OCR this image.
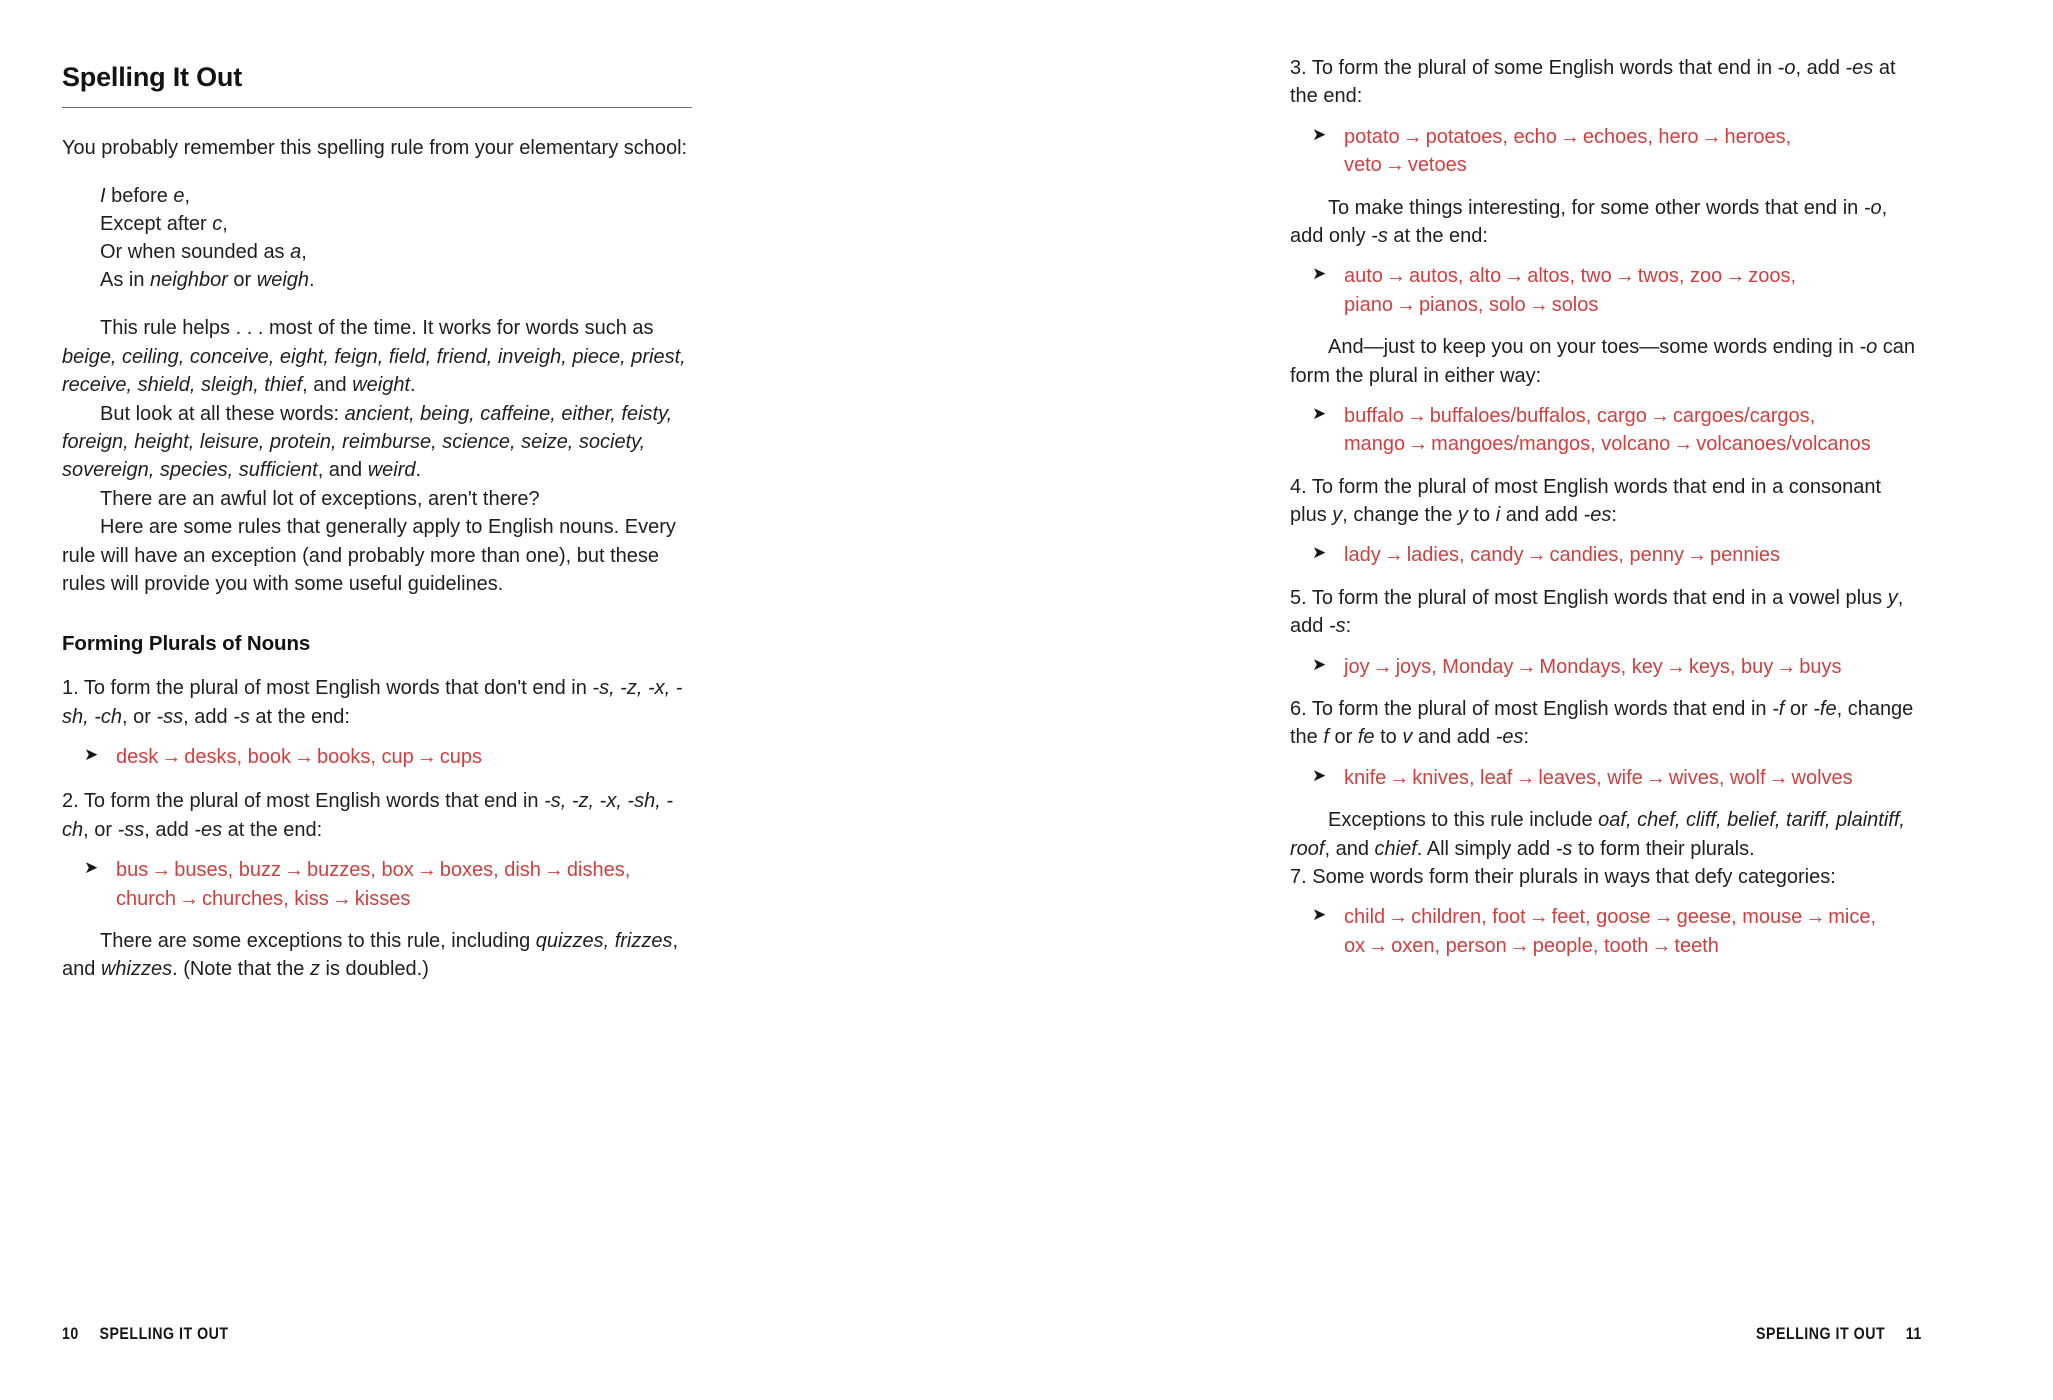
Spelling It Out

You probably remember this spelling rule from your elementary school:

I before e,
Except after c,
Or when sounded as a,
As in neighbor or weigh.

This rule helps . . . most of the time. It works for words such as beige, ceiling, conceive, eight, feign, field, friend, inveigh, piece, priest, receive, shield, sleigh, thief, and weight.

But look at all these words: ancient, being, caffeine, either, feisty, foreign, height, leisure, protein, reimburse, science, seize, society, sovereign, species, sufficient, and weird.

There are an awful lot of exceptions, aren't there?

Here are some rules that generally apply to English nouns. Every rule will have an exception (and probably more than one), but these rules will provide you with some useful guidelines.

Forming Plurals of Nouns

1. To form the plural of most English words that don't end in -s, -z, -x, -sh, -ch, or -ss, add -s at the end:

➤ desk → desks, book → books, cup → cups

2. To form the plural of most English words that end in -s, -z, -x, -sh, -ch, or -ss, add -es at the end:

➤ bus → buses, buzz → buzzes, box → boxes, dish → dishes,
church → churches, kiss → kisses

There are some exceptions to this rule, including quizzes, frizzes, and whizzes. (Note that the z is doubled.)

10 SPELLING IT OUT

3. To form the plural of some English words that end in -o, add -es at the end:

➤ potato → potatoes, echo → echoes, hero → heroes,
veto → vetoes

To make things interesting, for some other words that end in -o, add only -s at the end:

➤ auto → autos, alto → altos, two → twos, zoo → zoos,
piano → pianos, solo → solos

And—just to keep you on your toes—some words ending in -o can form the plural in either way:

➤ buffalo → buffaloes/buffalos, cargo → cargoes/cargos,
mango → mangoes/mangos, volcano → volcanoes/volcanos

4. To form the plural of most English words that end in a consonant plus y, change the y to i and add -es:

➤ lady → ladies, candy → candies, penny → pennies

5. To form the plural of most English words that end in a vowel plus y, add -s:

➤ joy → joys, Monday → Mondays, key → keys, buy → buys

6. To form the plural of most English words that end in -f or -fe, change the f or fe to v and add -es:

➤ knife → knives, leaf → leaves, wife → wives, wolf → wolves

Exceptions to this rule include oaf, chef, cliff, belief, tariff, plaintiff, roof, and chief. All simply add -s to form their plurals.

7. Some words form their plurals in ways that defy categories:

➤ child → children, foot → feet, goose → geese, mouse → mice,
ox → oxen, person → people, tooth → teeth
SPELLING IT OUT 11
